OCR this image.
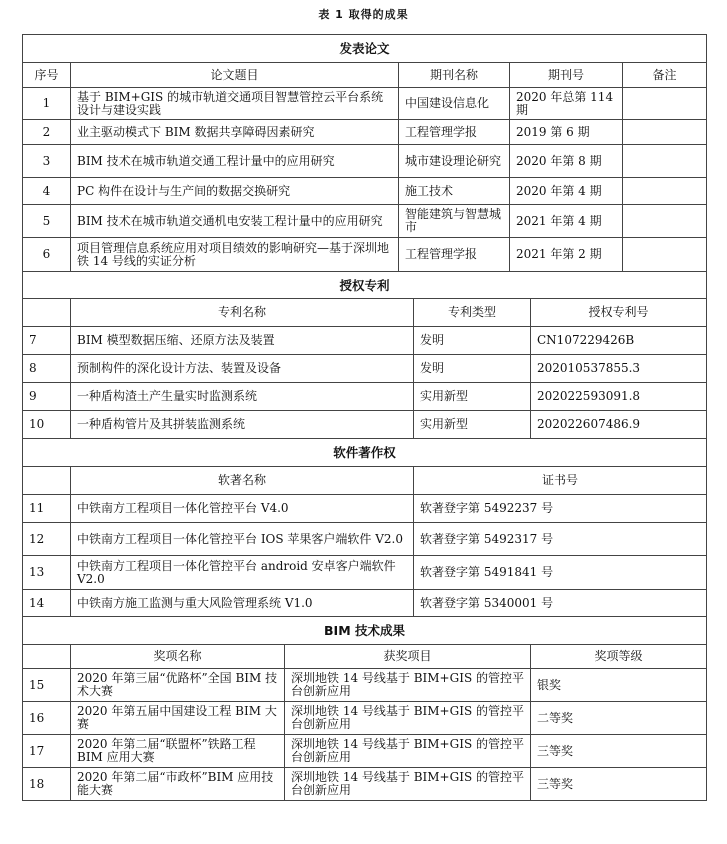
表 1 取得的成果
发表论文							
序号	论文题目		期刊名称		期刊号		备注
1	基于 BIM+GIS 的城市轨道交通项目智慧管控云平台系统设计与建设实践		中国建设信息化		2020 年总第 114 期		
2	业主驱动模式下 BIM 数据共享障碍因素研究		工程管理学报		2019 第 6 期		
3	BIM 技术在城市轨道交通工程计量中的应用研究		城市建设理论研究		2020 年第 8 期		
4	PC 构件在设计与生产间的数据交换研究		施工技术		2020 年第 4 期		
5	BIM 技术在城市轨道交通机电安装工程计量中的应用研究		智能建筑与智慧城市		2021 年第 4 期		
6	项目管理信息系统应用对项目绩效的影响研究—基于深圳地铁 14 号线的实证分析		工程管理学报		2021 年第 2 期		
授权专利							
	专利名称			专利类型		授权专利号	
7	BIM 模型数据压缩、还原方法及装置			发明		CN107229426B	
8	预制构件的深化设计方法、装置及设备			发明		202010537855.3	
9	一种盾构渣土产生量实时监测系统			实用新型		202022593091.8	
10	一种盾构管片及其拼装监测系统			实用新型		202022607486.9	
软件著作权							
	软著名称			证书号			
11	中铁南方工程项目一体化管控平台 V4.0			软著登字第 5492237 号			
12	中铁南方工程项目一体化管控平台 IOS 苹果客户端软件 V2.0			软著登字第 5492317 号			
13	中铁南方工程项目一体化管控平台 android 安卓客户端软件 V2.0			软著登字第 5491841 号			
14	中铁南方施工监测与重大风险管理系统 V1.0			软著登字第 5340001 号			
BIM 技术成果							
	奖项名称	获奖项目				奖项等级	
15	2020 年第三届“优路杯”全国 BIM 技术大赛	深圳地铁 14 号线基于 BIM+GIS 的管控平台创新应用				银奖	
16	2020 年第五届中国建设工程 BIM 大赛	深圳地铁 14 号线基于 BIM+GIS 的管控平台创新应用				二等奖	
17	2020 年第二届“联盟杯”铁路工程 BIM 应用大赛	深圳地铁 14 号线基于 BIM+GIS 的管控平台创新应用				三等奖	
18	2020 年第二届“市政杯”BIM 应用技能大赛	深圳地铁 14 号线基于 BIM+GIS 的管控平台创新应用				三等奖	
